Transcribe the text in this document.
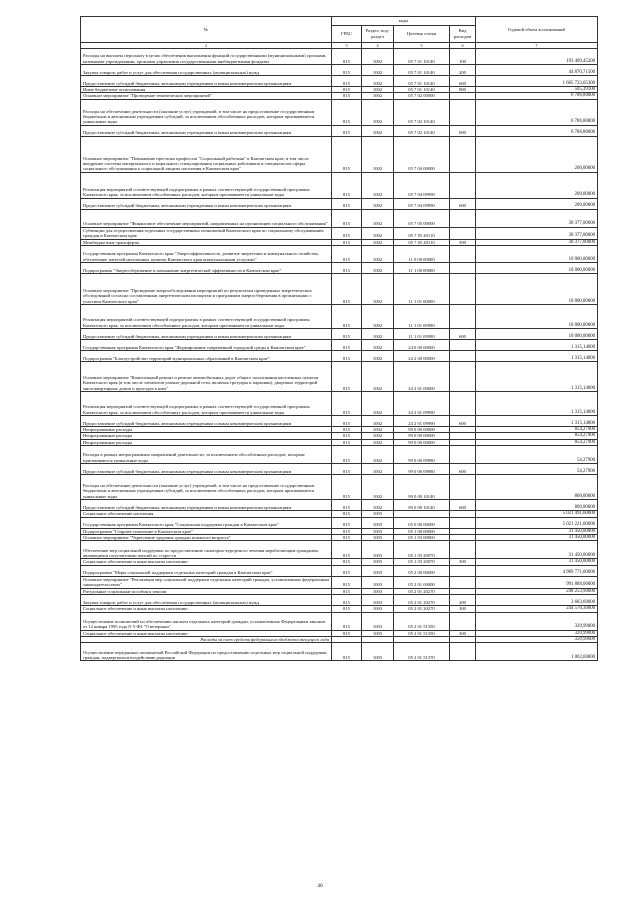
№	коды				Годовой объем ассигнований
	ГРБС	Раздел, под-раздел	Целевая статья	Вид расходов	
2	3	4	5	6	7
Расходы на выплаты персоналу в целях обеспечения выполнения функций государственными (муниципальными) органами, казенными учреждениями, органами управления государственными внебюджетными фондами	815	1002	05 7 01 10140	100	193 409,45200
Закупка товаров, работ и услуг для обеспечения государственных (муниципальных) нужд	815	1002	05 7 01 10140	200	44 870,71500
Предоставление субсидий бюджетным, автономным учреждениям и иным некоммерческим организациям	815	1002	05 7 01 10140	600	1 605 733,65300
Иные бюджетные ассигнования	815	1002	05 7 01 10140	800	505,39100
Основное мероприятие "Проведение тематических мероприятий"	815	1002	05 7 02 00000		6 786,80000
Расходы на обеспечение деятельности (оказание услуг) учреждений, в том числе на предоставление государственным бюджетным и автономным учреждениям субсидий, за исключением обособленных расходов, которым присваиваются уникальные коды	815	1002	05 7 02 10140		6 786,80000
Предоставление субсидий бюджетным, автономным учреждениям и иным некоммерческим организациям	815	1002	05 7 02 10140	600	6 786,80000
Основное мероприятие "Повышение престижа профессии "Социальный работник" в Камчатском крае, в том числе внедрение системы материального и морального стимулирования социальных работников и специалистов сферы социального обслуживания к социальной защиты населения в Камчатском крае"	815	1002	05 7 04 00000		200,00000
Реализация мероприятий соответствующей подпрограммы в рамках соответствующей государственной программы Камчатского края, за исключением обособленных расходов, которым присваиваются уникальные коды	815	1002	05 7 04 09990		200,00000
Предоставление субсидий бюджетным, автономным учреждениям и иным некоммерческим организациям	815	1002	05 7 04 09990	600	200,00000
Основное мероприятие "Финансовое обеспечение мероприятий, направленных на организацию социального обслуживания"	815	1002	05 7 05 00000		30 377,00000
Субвенции для осуществления отдельных государственных полномочий Камчатского края по социальному обслуживанию граждан в Камчатском крае	815	1002	05 7 05 40110		30 377,00000
Межбюджетные трансферты	815	1002	05 7 05 40110	500	30 377,00000
Государственная программа Камчатского края "Энергоэффективность, развитие энергетики и коммунального хозяйства, обеспечение жителей населенных пунктов Камчатского края коммунальными услугами"	815	1002	11 0 00 00000		10 000,00000
Подпрограмма "Энергосбережение и повышение энергетической эффективности в Камчатском крае"	815	1002	11 1 00 00000		10 000,00000
Основное мероприятие "Проведение энергообследования мероприятий по результатам проведенных энергетических обследований согласно составленным энергетическим паспортам и программам энергосбережения в организациях с участием Камчатского края"	815	1002	11 1 01 00000		10 000,00000
Реализация мероприятий соответствующей подпрограммы в рамках соответствующей государственной программы Камчатского края, за исключением обособленных расходов, которым присваиваются уникальные коды	815	1002	11 1 01 09990		10 000,00000
Предоставление субсидий бюджетным, автономным учреждениям и иным некоммерческим организациям	815	1002	11 1 01 09990	600	10 000,00000
Государственная программа Камчатского края "Формирование современной городской среды в Камчатском крае"	815	1002	24 0 00 00000		1 315,14000
Подпрограмма "Благоустройство территорий муниципальных образований в Камчатском крае"	815	1002	24 2 00 00000		1 315,14000
Основное мероприятие "Капитальный ремонт и ремонт автомобильных дорог общего пользования населенных пунктов Камчатского края (в том числе элементов улично-дорожной сети, включая тротуары и парковки), дворовых территорий многоквартирных домов и проездов к ним"	815	1002	24 2 01 00000		1 315,14000
Реализация мероприятий соответствующей подпрограммы в рамках соответствующей государственной программы Камчатского края, за исключением обособленных расходов, которым присваиваются уникальные коды	815	1002	24 2 01 09990		1 315,14000
Предоставление субсидий бюджетным, автономным учреждениям и иным некоммерческим организациям	815	1002	24 2 01 09990	600	1 315,14000
Непрограммные расходы	815	1002	99 0 00 00000		854,27900
Непрограммные расходы	815	1002	99 0 00 00000		854,27900
Непрограммные расходы	815	1002	99 0 00 00000		854,27900
Расходы в рамках непрограммных направлений деятельности, за исключением обособленных расходов, которым присваиваются уникальные коды	815	1002	99 0 00 09980		54,27900
Предоставление субсидий бюджетным, автономным учреждениям и иным некоммерческим организациям	815	1002	99 0 00 09980	600	54,27900
Расходы на обеспечение деятельности (оказание услуг) учреждений, в том числе на предоставление государственным бюджетным и автономным учреждениям субсидий, за исключением обособленных расходов, которым присваиваются уникальные коды	815	1002	99 0 00 10140		800,00000
Предоставление субсидий бюджетным, автономным учреждениям и иным некоммерческим организациям	815	1002	99 0 00 10140	600	800,00000
Социальное обеспечение населения	815	1003			5 021 491,60000
Государственная программа Камчатского края "Социальная поддержка граждан в Камчатском крае"	815	1003	05 0 00 00000		5 021 221,60000
Подпрограмма "Старшее поколение в Камчатском крае"	815	1003	05 1 00 00000		31 450,00000
Основное мероприятие "Укрепление здоровья граждан пожилого возраста"	815	1003	05 1 03 00000		31 450,00000
Обеспечение мер социальной поддержки по предоставлению санаторно-курортного лечения неработающим гражданам, являющимся получателями пенсий по старости	815	1003	05 1 03 20070		31 450,00000
Социальное обеспечение и иные выплаты населению	815	1003	05 1 03 20070	300	31 450,00000
Подпрограмма "Меры социальной поддержки отдельных категорий граждан в Камчатском крае"	815	1003	05 2 00 00000		4 989 771,60000
Основное мероприятие "Реализация мер социальной поддержки отдельных категорий граждан, установленных федеральным законодательством"	815	1003	05 2 01 00000		991 888,00000
Ритуальные социальные пособия к пенсии	815	1003	05 2 01 20270		248 253,90000
Закупка товаров, работ и услуг для обеспечения государственных (муниципальных) нужд	815	1003	05 2 01 20270	200	3 683,60000
Социальное обеспечение и иные выплаты населению	815	1003	05 2 01 20270	300	244 570,30000
Осуществление полномочий по обеспечению жильем отдельных категорий граждан, установленных Федеральным законом от 12 января 1995 года N 5-ФЗ "О ветеранах"	815	1003	05 2 01 51350		320,99000
Социальное обеспечение и иные выплаты населению	815	1003	05 2 01 51350	300	320,99000
Расходы за счет средств федерального бюджета текущего года					320,99000
Осуществление переданных полномочий Российской Федерации по предоставлению отдельных мер социальной поддержки граждан, подвергшихся воздействию радиации	815	1003	05 2 01 51370		1 002,60000
46
